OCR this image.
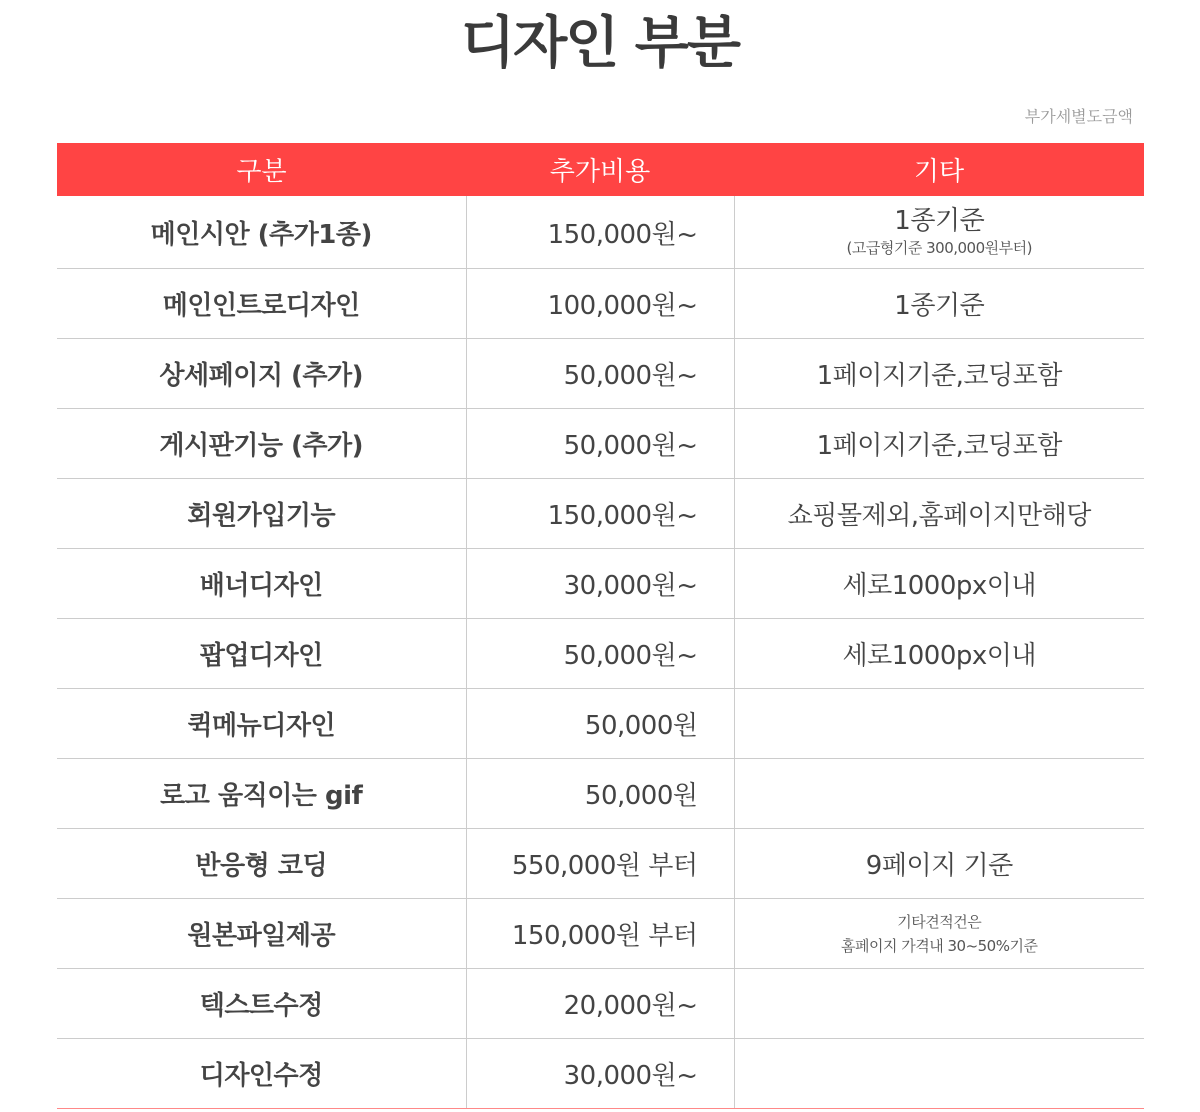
디자인 부분
부가세별도금액
구분	추가비용	기타
메인시안 (추가1종)	150,000원~	1종기준
(고급형기준 300,000원부터)

메인인트로디자인	100,000원~	1종기준
상세페이지 (추가)	50,000원~	1페이지기준,코딩포함
게시판기능 (추가)	50,000원~	1페이지기준,코딩포함
회원가입기능	150,000원~	쇼핑몰제외,홈페이지만해당
배너디자인	30,000원~	세로1000px이내
팝업디자인	50,000원~	세로1000px이내
퀵메뉴디자인	50,000원	
로고 움직이는 gif	50,000원	
반응형 코딩	550,000원 부터	9페이지 기준
원본파일제공	150,000원 부터	기타견적건은
홈페이지 가격내 30~50%기준

텍스트수정	20,000원~	
디자인수정	30,000원~	
